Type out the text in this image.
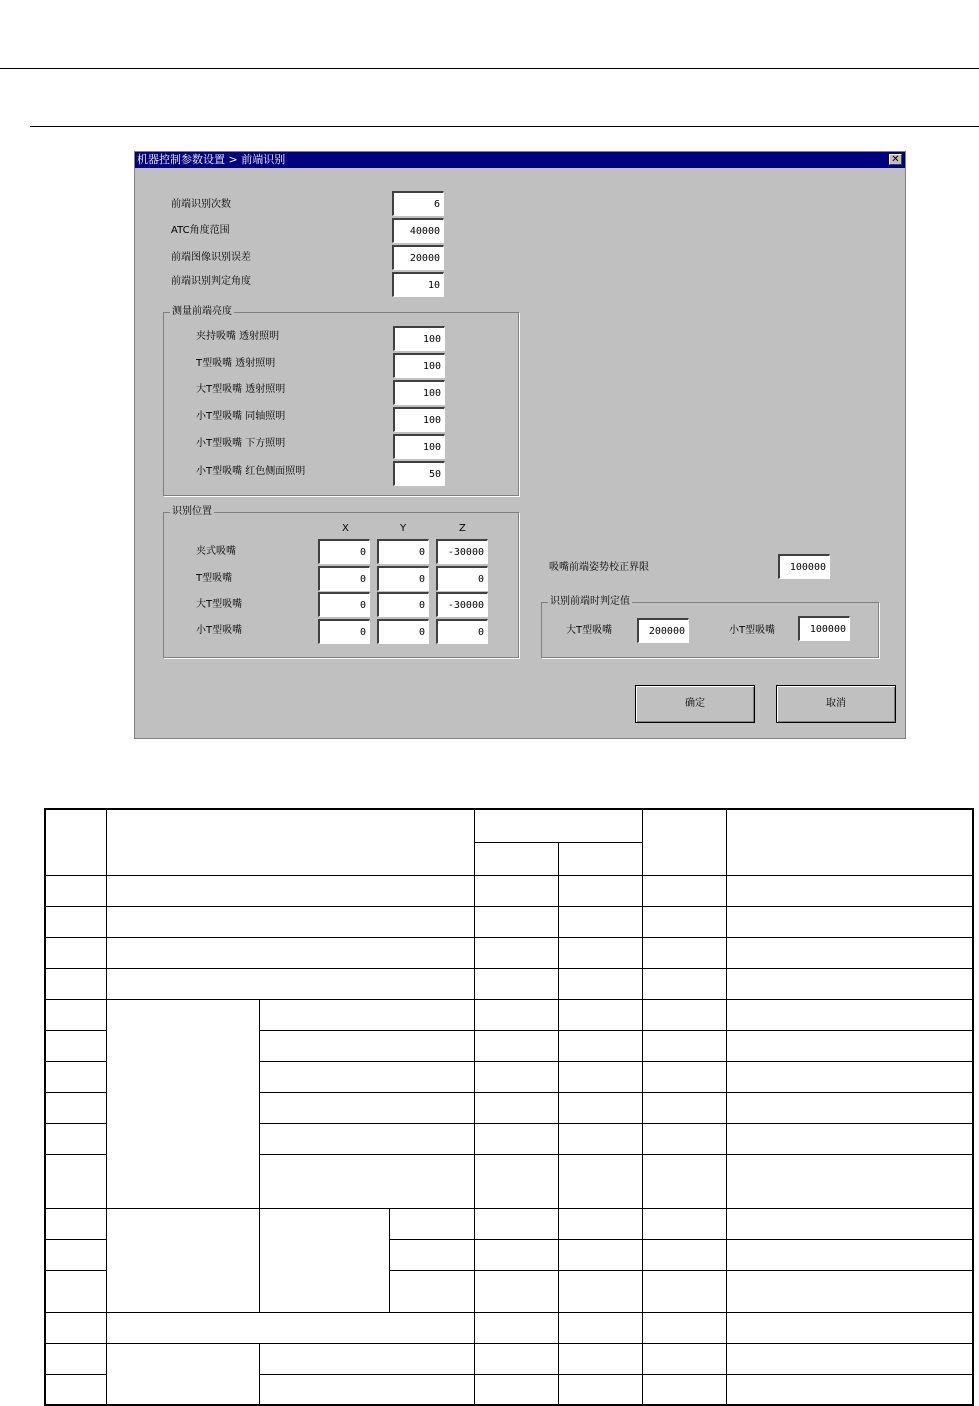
机器控制参数设置 > 前端识别	✕
前端识别次数	6
ATC角度范围	40000
前端图像识别误差	20000
前端识别判定角度	10
测量前端亮度
夹持吸嘴 透射照明	100
T型吸嘴 透射照明	100
大T型吸嘴 透射照明	100
小T型吸嘴 同轴照明	100
小T型吸嘴 下方照明	100
小T型吸嘴 红色侧面照明	50
识别位置
X	Y	Z
夹式吸嘴	0	0	-30000
T型吸嘴	0	0	0
大T型吸嘴	0	0	-30000
小T型吸嘴	0	0	0
吸嘴前端姿势校正界限	100000
识别前端时判定值
大T型吸嘴	200000	小T型吸嘴	100000
确定	取消
